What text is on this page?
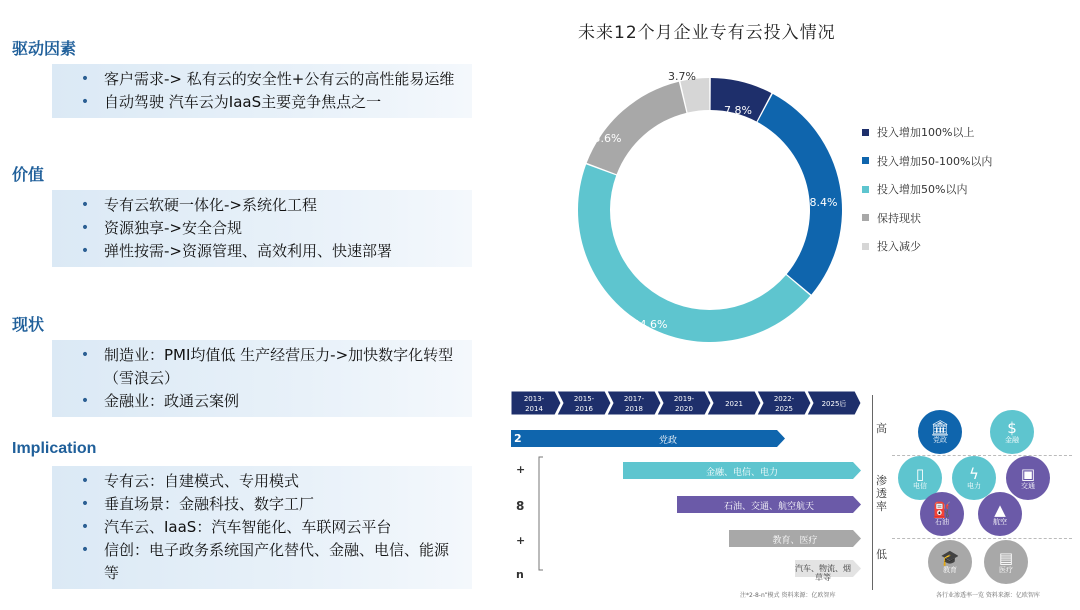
驱动因素
• 客户需求-> 私有云的安全性+公有云的高性能易运维
• 自动驾驶 汽车云为IaaS主要竞争焦点之一
价值
• 专有云软硬一体化->系统化工程
• 资源独享->安全合规
• 弹性按需->资源管理、高效利用、快速部署
现状
• 制造业：PMI均值低 生产经营压力->加快数字化转型（雪浪云）
• 金融业：政通云案例
Implication
• 专有云：自建模式、专用模式
• 垂直场景：金融科技、数字工厂
• 汽车云、IaaS：汽车智能化、车联网云平台
• 信创：电子政务系统国产化替代、金融、电信、能源等
未来12个月企业专有云投入情况
7.8%
28.4%
44.6%
15.6%
3.7%
投入增加100%以上
投入增加50-100%以内
投入增加50%以内
保持现状
投入减少
2013-
2014
2015-
2016
2017-
2018
2019-
2020
2021
2022-
2025
2025后
2
+
8
+
n
党政
金融、电信、电力
石油、交通、航空航天
教育、医疗
汽车、物流、烟草等
注*2-8-n”模式 资料来源：亿欧智库
高
渗透率
低
🏛
党政
$
金融
▯
电信
ϟ
电力
▣
交通
⛽
石油
▲
航空
🎓
教育
▤
医疗
各行业渗透率一览 资料来源：亿欧智库
